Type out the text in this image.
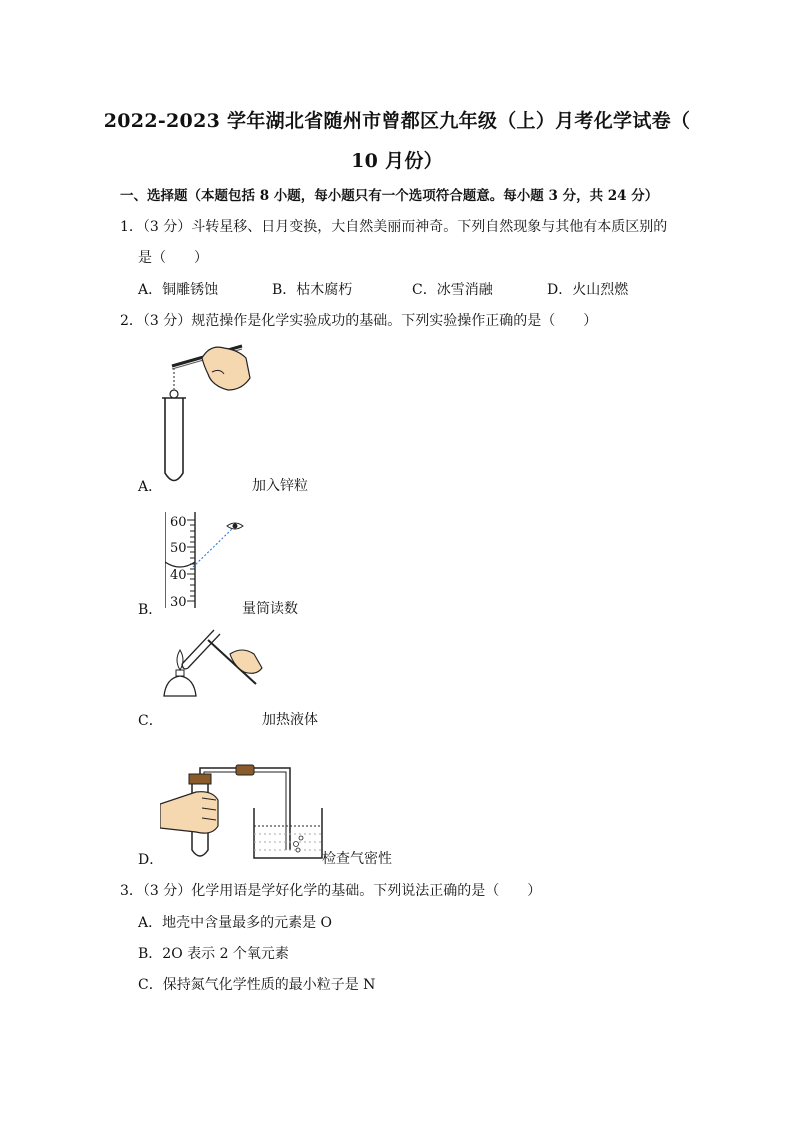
2022-2023 学年湖北省随州市曾都区九年级（上）月考化学试卷（
10 月份）
一、选择题（本题包括 8 小题，每小题只有一个选项符合题意。每小题 3 分，共 24 分）
1．（3 分）斗转星移、日月变换，大自然美丽而神奇。下列自然现象与其他有本质区别的
是（　　）
A．铜雕锈蚀	B．枯木腐朽	C．冰雪消融	D．火山烈燃
2．（3 分）规范操作是化学实验成功的基础。下列实验操作正确的是（　　）
A．	加入锌粒
60
50
40
30
B．	量筒读数
C．	加热液体
D．	检查气密性
3．（3 分）化学用语是学好化学的基础。下列说法正确的是（　　）
A．地壳中含量最多的元素是 O
B．2O 表示 2 个氧元素
C．保持氮气化学性质的最小粒子是 N
